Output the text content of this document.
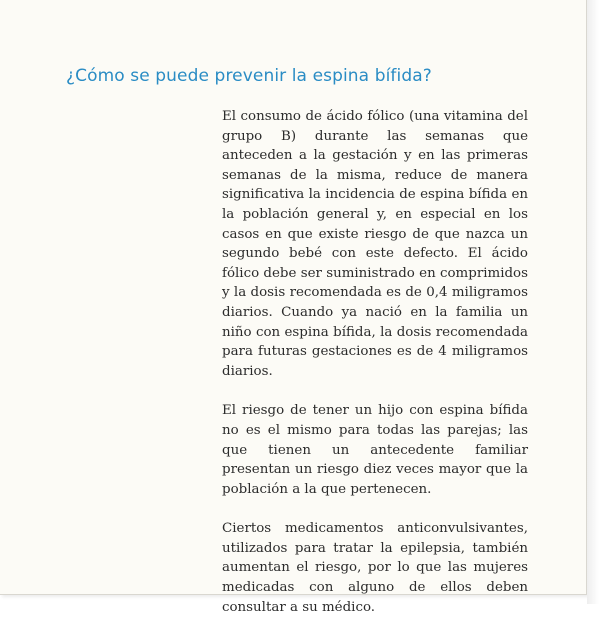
¿Cómo se puede prevenir la espina bífida?

El consumo de ácido fólico (una vitamina del grupo B) durante las semanas que anteceden a la gestación y en las primeras semanas de la misma, reduce de manera significativa la incidencia de espina bífida en la población general y, en especial en los casos en que existe riesgo de que nazca un segundo bebé con este defecto. El ácido fólico debe ser suministrado en comprimidos y la dosis recomendada es de 0,4 miligramos diarios. Cuando ya nació en la familia un niño con espina bífida, la dosis recomendada para futuras gestaciones es de 4 miligramos diarios.

El riesgo de tener un hijo con espina bífida no es el mismo para todas las parejas; las que tienen un antecedente familiar presentan un riesgo diez veces mayor que la población a la que pertenecen.

Ciertos medicamentos anticonvulsivantes, utilizados para tratar la epilepsia, también aumentan el riesgo, por lo que las mujeres medicadas con alguno de ellos deben consultar a su médico.
